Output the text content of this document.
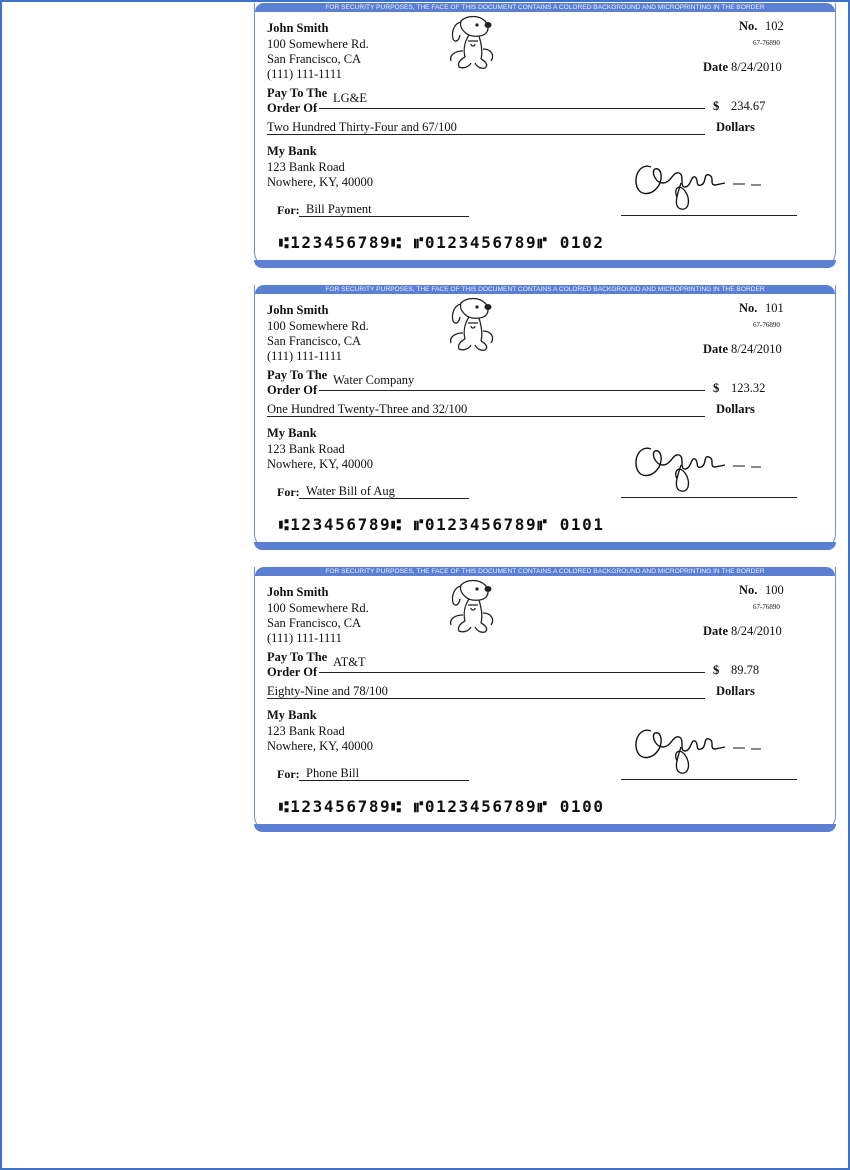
FOR SECURITY PURPOSES, THE FACE OF THIS DOCUMENT CONTAINS A COLORED BACKGROUND AND MICROPRINTING IN THE BORDER
John Smith
100 Somewhere Rd.
San Francisco, CA
(111) 111-1111
No. 102
67-76890
Date 8/24/2010
Pay To The
Order Of
LG&E
$ 234.67
Two Hundred Thirty-Four and 67/100	Dollars
My Bank
123 Bank Road
Nowhere, KY, 40000
For: Bill Payment
⑆123456789⑆ ⑈0123456789⑈ 0102
FOR SECURITY PURPOSES, THE FACE OF THIS DOCUMENT CONTAINS A COLORED BACKGROUND AND MICROPRINTING IN THE BORDER
John Smith
100 Somewhere Rd.
San Francisco, CA
(111) 111-1111
No. 101
67-76890
Date 8/24/2010
Pay To The
Order Of
Water Company
$ 123.32
One Hundred Twenty-Three and 32/100	Dollars
My Bank
123 Bank Road
Nowhere, KY, 40000
For: Water Bill of Aug
⑆123456789⑆ ⑈0123456789⑈ 0101
FOR SECURITY PURPOSES, THE FACE OF THIS DOCUMENT CONTAINS A COLORED BACKGROUND AND MICROPRINTING IN THE BORDER
John Smith
100 Somewhere Rd.
San Francisco, CA
(111) 111-1111
No. 100
67-76890
Date 8/24/2010
Pay To The
Order Of
AT&T
$ 89.78
Eighty-Nine and 78/100	Dollars
My Bank
123 Bank Road
Nowhere, KY, 40000
For: Phone Bill
⑆123456789⑆ ⑈0123456789⑈ 0100
